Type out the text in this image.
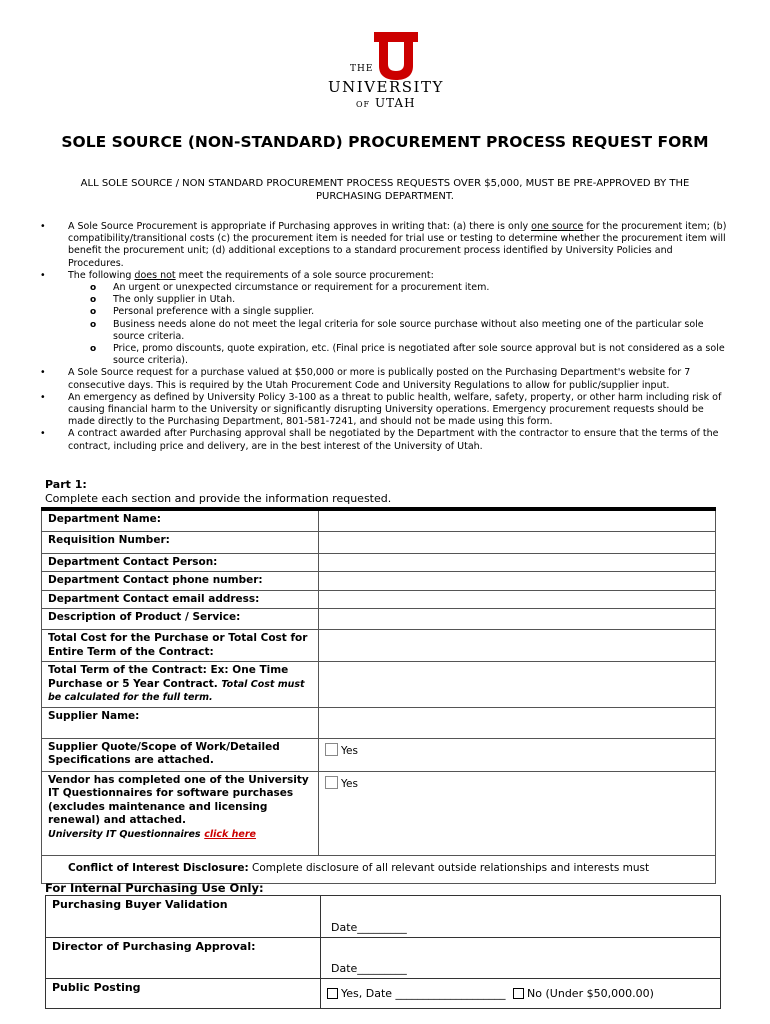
THE
UNIVERSITY
OF UTAH
SOLE SOURCE (NON-STANDARD) PROCUREMENT PROCESS REQUEST FORM
ALL SOLE SOURCE / NON STANDARD PROCUREMENT PROCESS REQUESTS OVER $5,000, MUST BE PRE-APPROVED BY THE PURCHASING DEPARTMENT.
• A Sole Source Procurement is appropriate if Purchasing approves in writing that: (a) there is only one source for the procurement item; (b) compatibility/transitional costs (c) the procurement item is needed for trial use or testing to determine whether the procurement item will benefit the procurement unit; (d) additional exceptions to a standard procurement process identified by University Policies and Procedures.
• The following does not meet the requirements of a sole source procurement:
o An urgent or unexpected circumstance or requirement for a procurement item.
o The only supplier in Utah.
o Personal preference with a single supplier.
o Business needs alone do not meet the legal criteria for sole source purchase without also meeting one of the particular sole source criteria.
o Price, promo discounts, quote expiration, etc. (Final price is negotiated after sole source approval but is not considered as a sole source criteria).
• A Sole Source request for a purchase valued at $50,000 or more is publically posted on the Purchasing Department's website for 7 consecutive days. This is required by the Utah Procurement Code and University Regulations to allow for public/supplier input.
• An emergency as defined by University Policy 3-100 as a threat to public health, welfare, safety, property, or other harm including risk of causing financial harm to the University or significantly disrupting University operations. Emergency procurement requests should be made directly to the Purchasing Department, 801-581-7241, and should not be made using this form.
• A contract awarded after Purchasing approval shall be negotiated by the Department with the contractor to ensure that the terms of the contract, including price and delivery, are in the best interest of the University of Utah.
Part 1:
Complete each section and provide the information requested.
Department Name:	
Requisition Number:	
Department Contact Person:	
Department Contact phone number:	
Department Contact email address:	
Description of Product / Service:	
Total Cost for the Purchase or Total Cost for Entire Term of the Contract:	
Total Term of the Contract: Ex: One Time Purchase or 5 Year Contract. Total Cost must be calculated for the full term.	
Supplier Name:	
Supplier Quote/Scope of Work/Detailed Specifications are attached.	Yes
Vendor has completed one of the University IT Questionnaires for software purchases (excludes maintenance and licensing renewal) and attached.
University IT Questionnaires click here	Yes
Conflict of Interest Disclosure: Complete disclosure of all relevant outside relationships and interests must	
For Internal Purchasing Use Only:
Purchasing Buyer Validation	Date_________

Director of Purchasing Approval:	Date_________

Public Posting	Yes, Date ____________________ No (Under $50,000.00)
